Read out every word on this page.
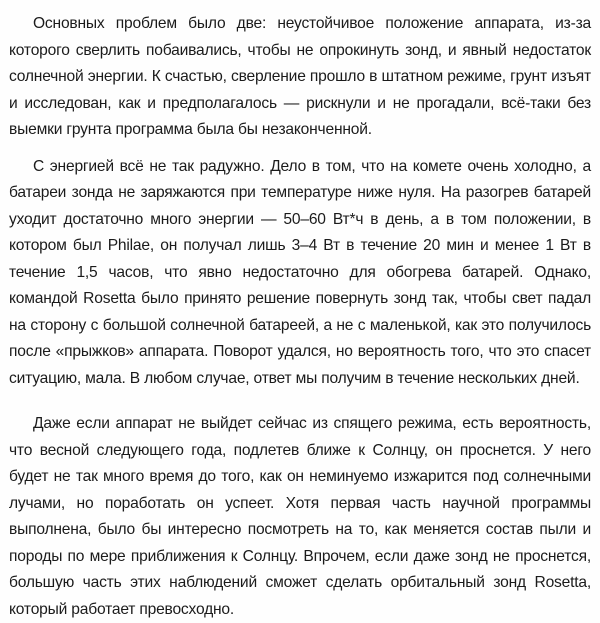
Основных проблем было две: неустойчивое положение аппарата, из-за которого сверлить побаивались, чтобы не опрокинуть зонд, и явный недостаток солнечной энергии. К счастью, сверление прошло в штатном режиме, грунт изъят и исследован, как и предполагалось — рискнули и не прогадали, всё-таки без выемки грунта программа была бы незаконченной.

С энергией всё не так радужно. Дело в том, что на комете очень холодно, а батареи зонда не заряжаются при температуре ниже нуля. На разогрев батарей уходит достаточно много энергии — 50–60 Вт*ч в день, а в том положении, в котором был Philae, он получал лишь 3–4 Вт в течение 20 мин и менее 1 Вт в течение 1,5 часов, что явно недостаточно для обогрева батарей. Однако, командой Rosetta было принято решение повернуть зонд так, чтобы свет падал на сторону с большой солнечной батареей, а не с маленькой, как это получилось после «прыжков» аппарата. Поворот удался, но вероятность того, что это спасет ситуацию, мала. В любом случае, ответ мы получим в течение нескольких дней.

Даже если аппарат не выйдет сейчас из спящего режима, есть вероятность, что весной следующего года, подлетев ближе к Солнцу, он проснется. У него будет не так много время до того, как он неминуемо изжарится под солнечными лучами, но поработать он успеет. Хотя первая часть научной программы выполнена, было бы интересно посмотреть на то, как меняется состав пыли и породы по мере приближения к Солнцу. Впрочем, если даже зонд не проснется, большую часть этих наблюдений сможет сделать орбитальный зонд Rosetta, который работает превосходно.
